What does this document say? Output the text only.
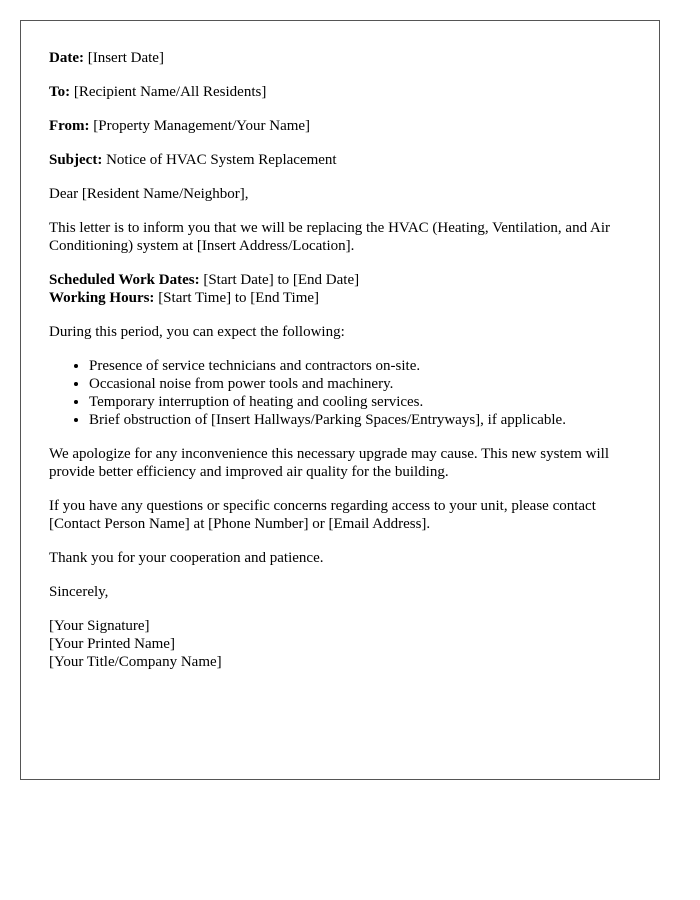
Date: [Insert Date]

To: [Recipient Name/All Residents]

From: [Property Management/Your Name]

Subject: Notice of HVAC System Replacement

Dear [Resident Name/Neighbor],

This letter is to inform you that we will be replacing the HVAC (Heating, Ventilation, and Air Conditioning) system at [Insert Address/Location].

Scheduled Work Dates: [Start Date] to [End Date]

Working Hours: [Start Time] to [End Time]

During this period, you can expect the following:

• Presence of service technicians and contractors on-site.
• Occasional noise from power tools and machinery.
• Temporary interruption of heating and cooling services.
• Brief obstruction of [Insert Hallways/Parking Spaces/Entryways], if applicable.

We apologize for any inconvenience this necessary upgrade may cause. This new system will provide better efficiency and improved air quality for the building.

If you have any questions or specific concerns regarding access to your unit, please contact [Contact Person Name] at [Phone Number] or [Email Address].

Thank you for your cooperation and patience.

Sincerely,

[Your Signature]
[Your Printed Name]
[Your Title/Company Name]
